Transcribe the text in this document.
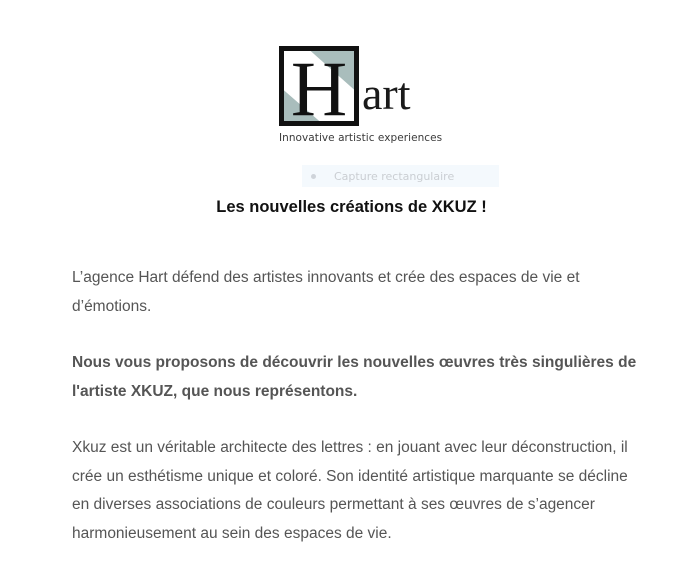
H art
Innovative artistic experiences
Capture rectangulaire
Les nouvelles créations de XKUZ !

L’agence Hart défend des artistes innovants et crée des espaces de vie et d’émotions.

Nous vous proposons de découvrir les nouvelles œuvres très singulières de l'artiste XKUZ, que nous représentons.

Xkuz est un véritable architecte des lettres : en jouant avec leur déconstruction, il crée un esthétisme unique et coloré. Son identité artistique marquante se décline en diverses associations de couleurs permettant à ses œuvres de s’agencer harmonieusement au sein des espaces de vie.
